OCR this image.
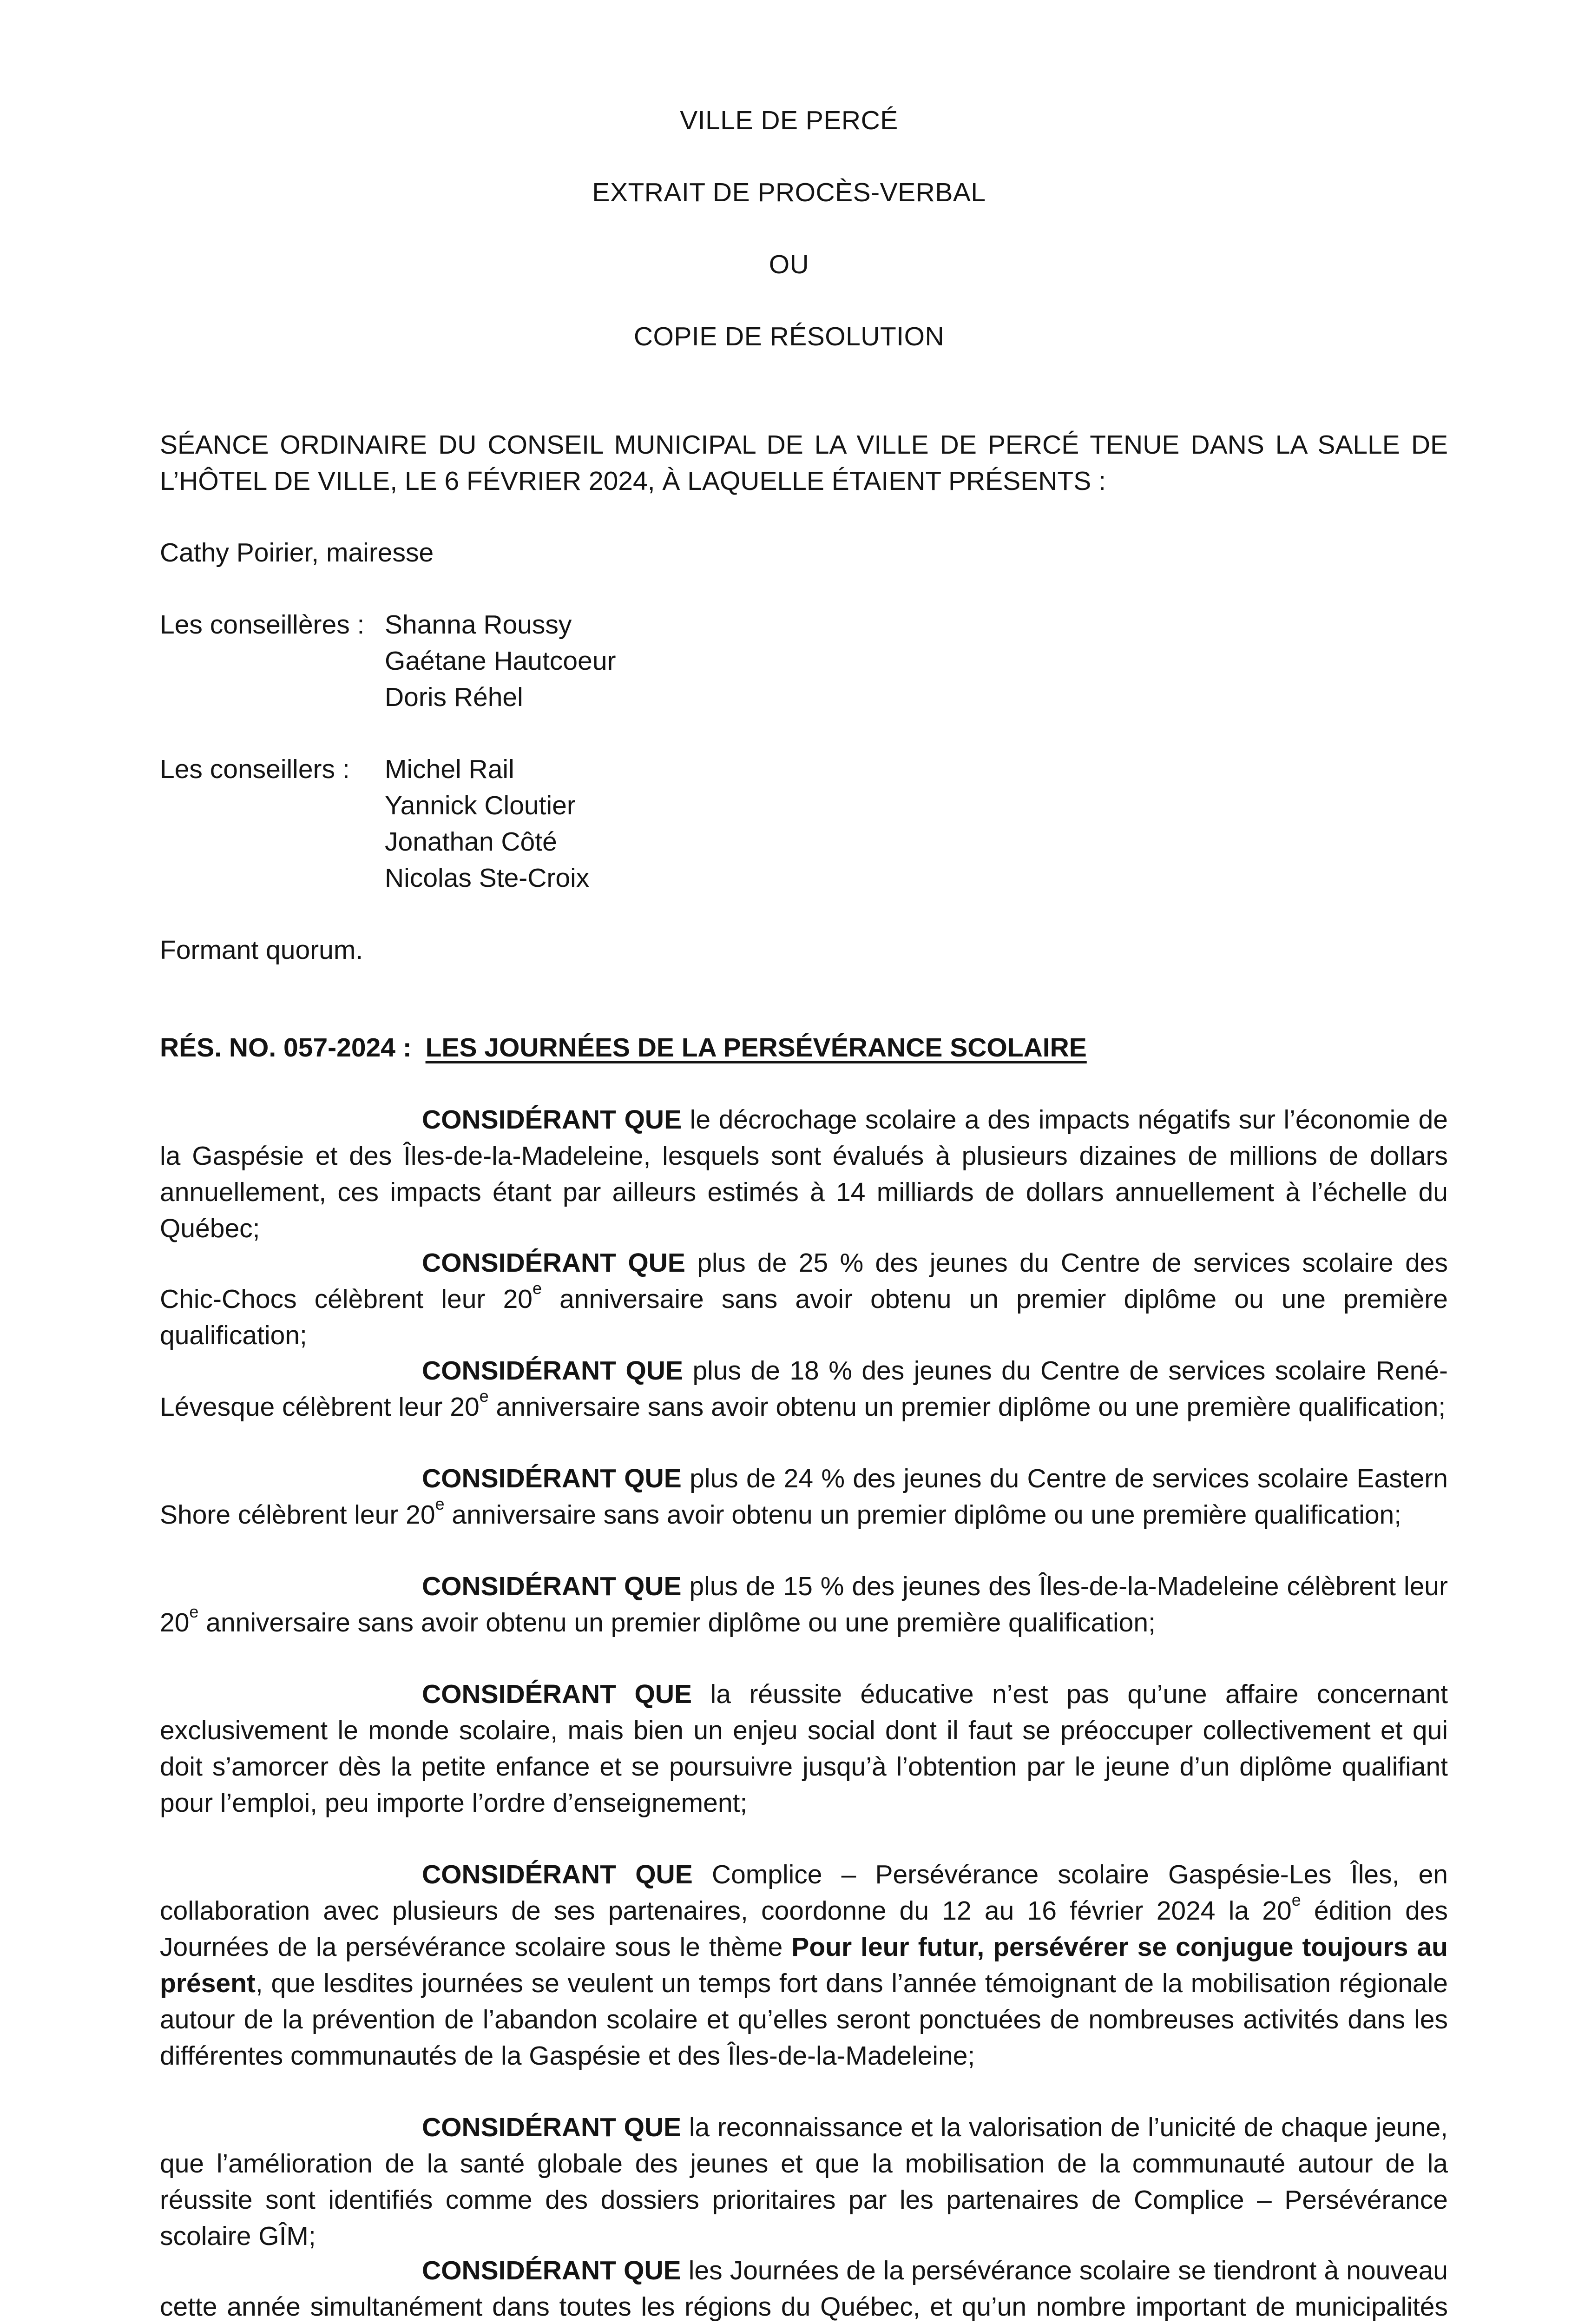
VILLE DE PERCÉ
EXTRAIT DE PROCÈS-VERBAL
OU
COPIE DE RÉSOLUTION
SÉANCE ORDINAIRE DU CONSEIL MUNICIPAL DE LA VILLE DE PERCÉ TENUE DANS LA SALLE DE L’HÔTEL DE VILLE, LE 6 FÉVRIER 2024, À LAQUELLE ÉTAIENT PRÉSENTS :
Cathy Poirier, mairesse
Les conseillères : Shanna Roussy
Gaétane Hautcoeur
Doris Réhel
Les conseillers : Michel Rail
Yannick Cloutier
Jonathan Côté
Nicolas Ste-Croix
Formant quorum.
RÉS. NO. 057-2024 : LES JOURNÉES DE LA PERSÉVÉRANCE SCOLAIRE

CONSIDÉRANT QUE le décrochage scolaire a des impacts négatifs sur l’économie de la Gaspésie et des Îles-de-la-Madeleine, lesquels sont évalués à plusieurs dizaines de millions de dollars annuellement, ces impacts étant par ailleurs estimés à 14 milliards de dollars annuellement à l’échelle du Québec;

CONSIDÉRANT QUE plus de 25 % des jeunes du Centre de services scolaire des Chic-Chocs célèbrent leur 20e anniversaire sans avoir obtenu un premier diplôme ou une première qualification;

CONSIDÉRANT QUE plus de 18 % des jeunes du Centre de services scolaire René-Lévesque célèbrent leur 20e anniversaire sans avoir obtenu un premier diplôme ou une première qualification;

CONSIDÉRANT QUE plus de 24 % des jeunes du Centre de services scolaire Eastern Shore célèbrent leur 20e anniversaire sans avoir obtenu un premier diplôme ou une première qualification;

CONSIDÉRANT QUE plus de 15 % des jeunes des Îles-de-la-Madeleine célèbrent leur 20e anniversaire sans avoir obtenu un premier diplôme ou une première qualification;

CONSIDÉRANT QUE la réussite éducative n’est pas qu’une affaire concernant exclusivement le monde scolaire, mais bien un enjeu social dont il faut se préoccuper collectivement et qui doit s’amorcer dès la petite enfance et se poursuivre jusqu’à l’obtention par le jeune d’un diplôme qualifiant pour l’emploi, peu importe l’ordre d’enseignement;

CONSIDÉRANT QUE Complice – Persévérance scolaire Gaspésie-Les Îles, en collaboration avec plusieurs de ses partenaires, coordonne du 12 au 16 février 2024 la 20e édition des Journées de la persévérance scolaire sous le thème Pour leur futur, persévérer se conjugue toujours au présent, que lesdites journées se veulent un temps fort dans l’année témoignant de la mobilisation régionale autour de la prévention de l’abandon scolaire et qu’elles seront ponctuées de nombreuses activités dans les différentes communautés de la Gaspésie et des Îles-de-la-Madeleine;

CONSIDÉRANT QUE la reconnaissance et la valorisation de l’unicité de chaque jeune, que l’amélioration de la santé globale des jeunes et que la mobilisation de la communauté autour de la réussite sont identifiés comme des dossiers prioritaires par les partenaires de Complice – Persévérance scolaire GÎM;

CONSIDÉRANT QUE les Journées de la persévérance scolaire se tiendront à nouveau cette année simultanément dans toutes les régions du Québec, et qu’un nombre important de municipalités
